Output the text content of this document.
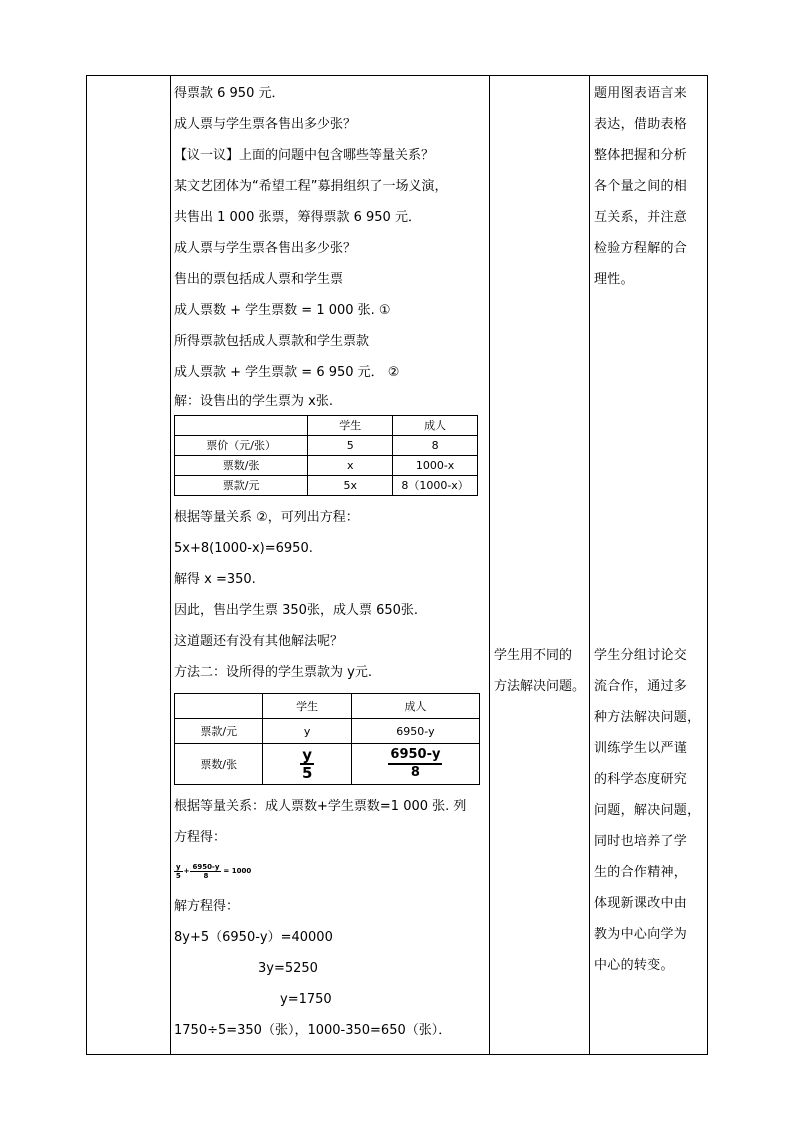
得票款 6 950 元．
成人票与学生票各售出多少张？
【议一议】上面的问题中包含哪些等量关系？
某文艺团体为“希望工程”募捐组织了一场义演，
共售出 1 000 张票，筹得票款 6 950 元．
成人票与学生票各售出多少张？
售出的票包括成人票和学生票
成人票数 + 学生票数 = 1 000 张. ①
所得票款包括成人票款和学生票款
成人票款 + 学生票款 = 6 950 元． ②
解：设售出的学生票为 x张.
	学生	成人
票价（元/张）	5	8
票数/张	x	1000-x
票款/元	5x	8（1000-x）
根据等量关系 ②，可列出方程：
5x+8(1000-x)=6950.
解得 x =350.
因此，售出学生票 350张，成人票 650张.
这道题还有没有其他解法呢？
方法二：设所得的学生票款为 y元.
	学生	成人
票款/元	y	6950-y
票数/张	$\frac{y}{5}$	$\frac{6950-y}{8}$
根据等量关系：成人票数+学生票数=1 000 张. 列
方程得：
$\frac{y}{5} + \frac{6950-y}{8} = 1000$
解方程得：
8y+5（6950-y）=40000
3y=5250
y=1750
1750÷5=350（张），1000-350=650（张）．
学生用不同的
方法解决问题。
题用图表语言来
表达，借助表格
整体把握和分析
各个量之间的相
互关系，并注意
检验方程解的合
理性。
学生分组讨论交
流合作，通过多
种方法解决问题，
训练学生以严谨
的科学态度研究
问题，解决问题，
同时也培养了学
生的合作精神，
体现新课改中由
教为中心向学为
中心的转变。
